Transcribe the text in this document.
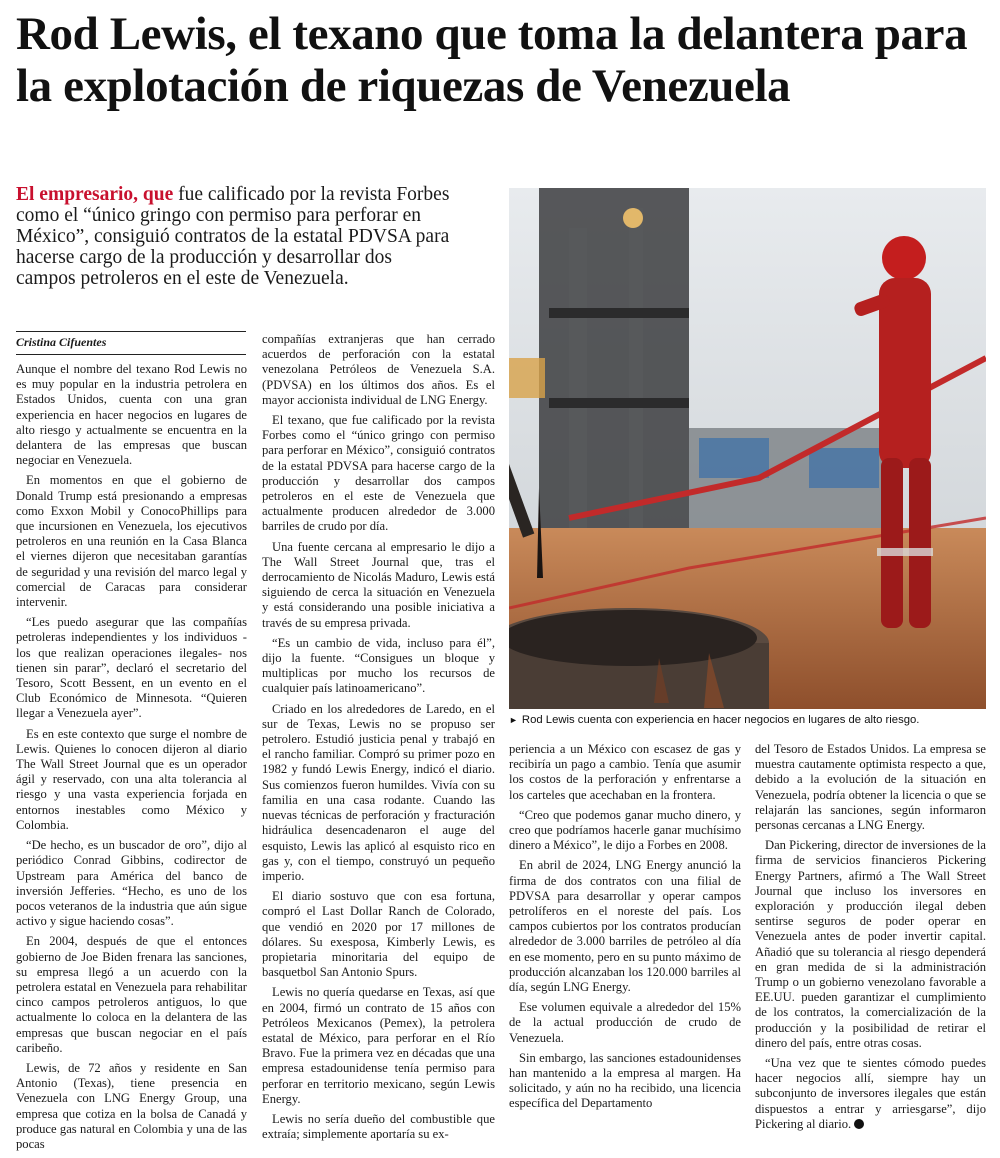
Rod Lewis, el texano que toma la delantera para la explotación de riquezas de Venezuela
El empresario, que fue calificado por la revista Forbes como el “único gringo con permiso para perforar en México”, consiguió contratos de la estatal PDVSA para hacerse cargo de la producción y desarrollar dos campos petroleros en el este de Venezuela.
Cristina Cifuentes

Aunque el nombre del texano Rod Lewis no es muy popular en la industria petrolera en Estados Unidos, cuenta con una gran experiencia en hacer negocios en lugares de alto riesgo y actualmente se encuentra en la delantera de las empresas que buscan negociar en Venezuela.

En momentos en que el gobierno de Donald Trump está presionando a empresas como Exxon Mobil y ConocoPhillips para que incursionen en Venezuela, los ejecutivos petroleros en una reunión en la Casa Blanca el viernes dijeron que necesitaban garantías de seguridad y una revisión del marco legal y comercial de Caracas para considerar intervenir.

“Les puedo asegurar que las compañías petroleras independientes y los individuos -los que realizan operaciones ilegales- nos tienen sin parar”, declaró el secretario del Tesoro, Scott Bessent, en un evento en el Club Económico de Minnesota. “Quieren llegar a Venezuela ayer”.

Es en este contexto que surge el nombre de Lewis. Quienes lo conocen dijeron al diario The Wall Street Journal que es un operador ágil y reservado, con una alta tolerancia al riesgo y una vasta experiencia forjada en entornos inestables como México y Colombia.

“De hecho, es un buscador de oro”, dijo al periódico Conrad Gibbins, codirector de Upstream para América del banco de inversión Jefferies. “Hecho, es uno de los pocos veteranos de la industria que aún sigue activo y sigue haciendo cosas”.

En 2004, después de que el entonces gobierno de Joe Biden frenara las sanciones, su empresa llegó a un acuerdo con la petrolera estatal en Venezuela para rehabilitar cinco campos petroleros antiguos, lo que actualmente lo coloca en la delantera de las empresas que buscan negociar en el país caribeño.

Lewis, de 72 años y residente en San Antonio (Texas), tiene presencia en Venezuela con LNG Energy Group, una empresa que cotiza en la bolsa de Canadá y produce gas natural en Colombia y una de las pocas

compañías extranjeras que han cerrado acuerdos de perforación con la estatal venezolana Petróleos de Venezuela S.A. (PDVSA) en los últimos dos años. Es el mayor accionista individual de LNG Energy.

El texano, que fue calificado por la revista Forbes como el “único gringo con permiso para perforar en México”, consiguió contratos de la estatal PDVSA para hacerse cargo de la producción y desarrollar dos campos petroleros en el este de Venezuela que actualmente producen alrededor de 3.000 barriles de crudo por día.

Una fuente cercana al empresario le dijo a The Wall Street Journal que, tras el derrocamiento de Nicolás Maduro, Lewis está siguiendo de cerca la situación en Venezuela y está considerando una posible iniciativa a través de su empresa privada.

“Es un cambio de vida, incluso para él”, dijo la fuente. “Consigues un bloque y multiplicas por mucho los recursos de cualquier país latinoamericano”.

Criado en los alrededores de Laredo, en el sur de Texas, Lewis no se propuso ser petrolero. Estudió justicia penal y trabajó en el rancho familiar. Compró su primer pozo en 1982 y fundó Lewis Energy, indicó el diario. Sus comienzos fueron humildes. Vivía con su familia en una casa rodante. Cuando las nuevas técnicas de perforación y fracturación hidráulica desencadenaron el auge del esquisto, Lewis las aplicó al esquisto rico en gas y, con el tiempo, construyó un pequeño imperio.

El diario sostuvo que con esa fortuna, compró el Last Dollar Ranch de Colorado, que vendió en 2020 por 17 millones de dólares. Su exesposa, Kimberly Lewis, es propietaria minoritaria del equipo de basquetbol San Antonio Spurs.

Lewis no quería quedarse en Texas, así que en 2004, firmó un contrato de 15 años con Petróleos Mexicanos (Pemex), la petrolera estatal de México, para perforar en el Río Bravo. Fue la primera vez en décadas que una empresa estadounidense tenía permiso para perforar en territorio mexicano, según Lewis Energy.

Lewis no sería dueño del combustible que extraía; simplemente aportaría su ex-

► Rod Lewis cuenta con experiencia en hacer negocios en lugares de alto riesgo.

periencia a un México con escasez de gas y recibiría un pago a cambio. Tenía que asumir los costos de la perforación y enfrentarse a los carteles que acechaban en la frontera.

“Creo que podemos ganar mucho dinero, y creo que podríamos hacerle ganar muchísimo dinero a México”, le dijo a Forbes en 2008.

En abril de 2024, LNG Energy anunció la firma de dos contratos con una filial de PDVSA para desarrollar y operar campos petrolíferos en el noreste del país. Los campos cubiertos por los contratos producían alrededor de 3.000 barriles de petróleo al día en ese momento, pero en su punto máximo de producción alcanzaban los 120.000 barriles al día, según LNG Energy.

Ese volumen equivale a alrededor del 15% de la actual producción de crudo de Venezuela.

Sin embargo, las sanciones estadounidenses han mantenido a la empresa al margen. Ha solicitado, y aún no ha recibido, una licencia específica del Departamento

del Tesoro de Estados Unidos. La empresa se muestra cautamente optimista respecto a que, debido a la evolución de la situación en Venezuela, podría obtener la licencia o que se relajarán las sanciones, según informaron personas cercanas a LNG Energy.

Dan Pickering, director de inversiones de la firma de servicios financieros Pickering Energy Partners, afirmó a The Wall Street Journal que incluso los inversores en exploración y producción ilegal deben sentirse seguros de poder operar en Venezuela antes de poder invertir capital. Añadió que su tolerancia al riesgo dependerá en gran medida de si la administración Trump o un gobierno venezolano favorable a EE.UU. pueden garantizar el cumplimiento de los contratos, la comercialización de la producción y la posibilidad de retirar el dinero del país, entre otras cosas.

“Una vez que te sientes cómodo puedes hacer negocios allí, siempre hay un subconjunto de inversores ilegales que están dispuestos a entrar y arriesgarse”, dijo Pickering al diario.
